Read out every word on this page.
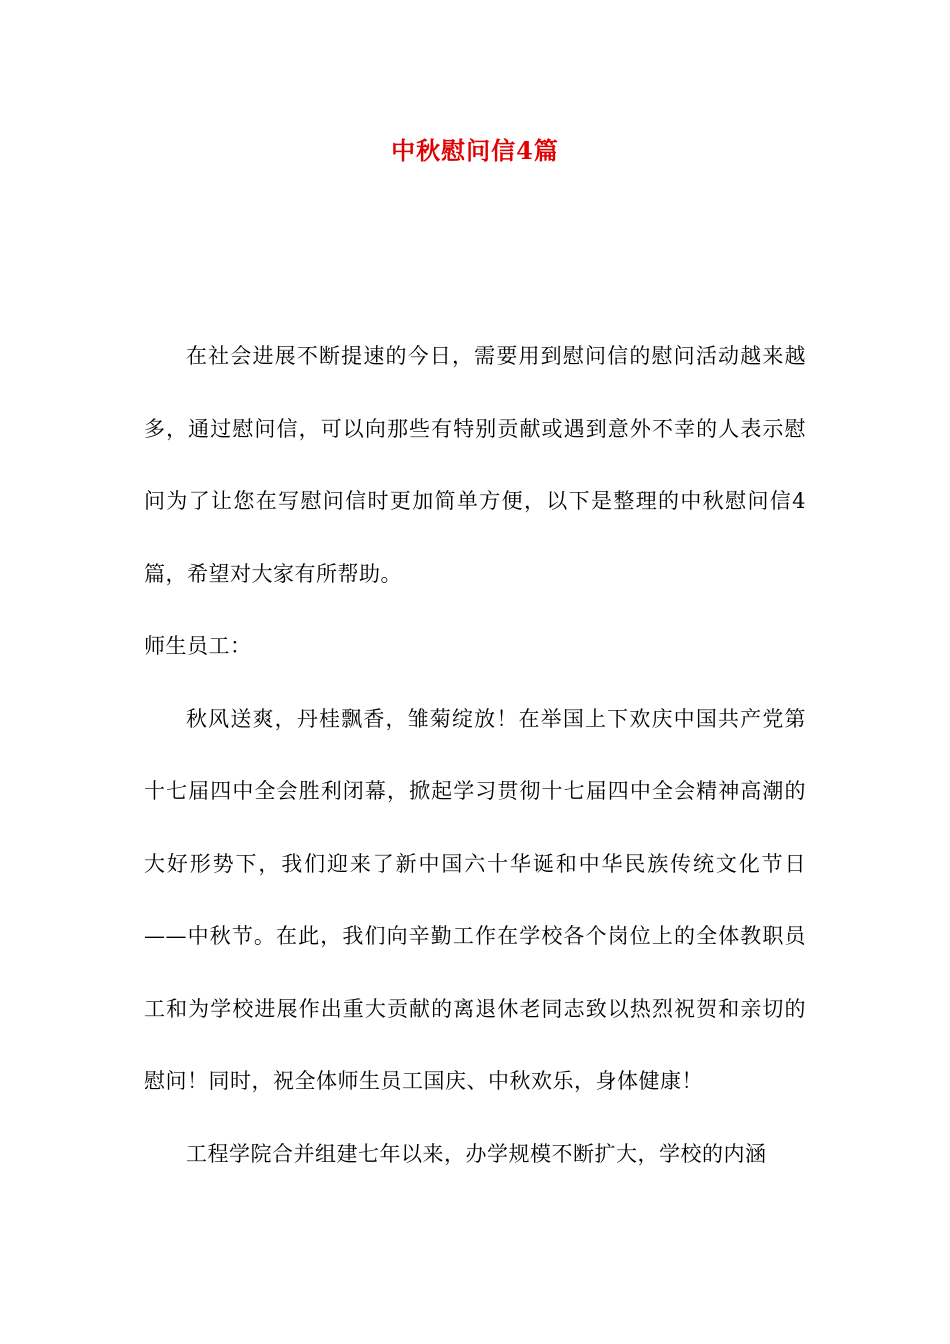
中秋慰问信4篇

在社会进展不断提速的今日，需要用到慰问信的慰问活动越来越多，通过慰问信，可以向那些有特别贡献或遇到意外不幸的人表示慰问为了让您在写慰问信时更加简单方便，以下是整理的中秋慰问信4篇，希望对大家有所帮助。

师生员工：

秋风送爽，丹桂飘香，雏菊绽放！在举国上下欢庆中国共产党第十七届四中全会胜利闭幕，掀起学习贯彻十七届四中全会精神高潮的大好形势下，我们迎来了新中国六十华诞和中华民族传统文化节日——中秋节。在此，我们向辛勤工作在学校各个岗位上的全体教职员工和为学校进展作出重大贡献的离退休老同志致以热烈祝贺和亲切的慰问！同时，祝全体师生员工国庆、中秋欢乐，身体健康！

工程学院合并组建七年以来，办学规模不断扩大，学校的内涵
